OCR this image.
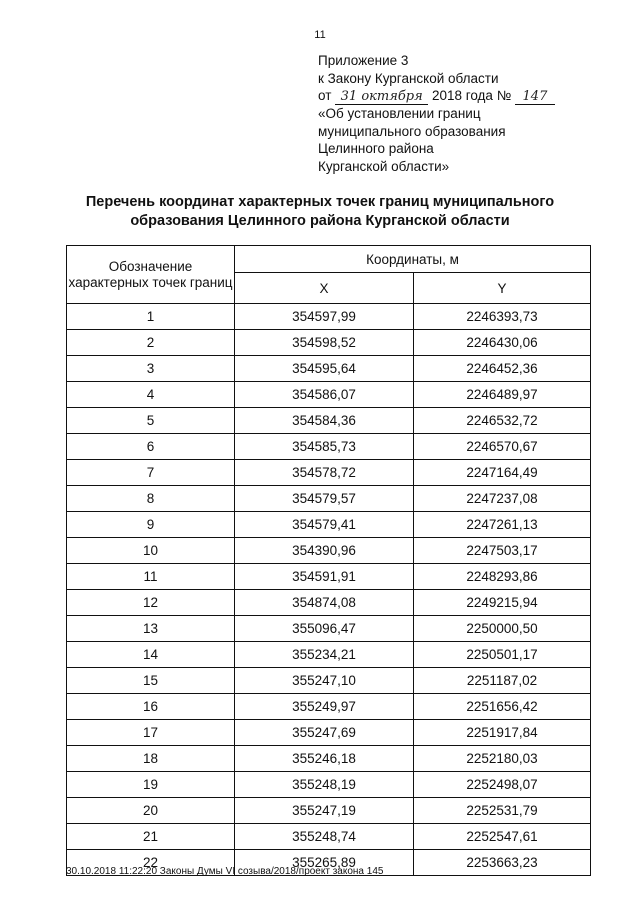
11
Приложение 3
к Закону Курганской области
от 31 октября 2018 года № 147
«Об установлении границ
муниципального образования
Целинного района
Курганской области»
Перечень координат характерных точек границ муниципального
образования Целинного района Курганской области
Обозначение характерных точек границ	Координаты, м	
	X	Y
1	354597,99	2246393,73
2	354598,52	2246430,06
3	354595,64	2246452,36
4	354586,07	2246489,97
5	354584,36	2246532,72
6	354585,73	2246570,67
7	354578,72	2247164,49
8	354579,57	2247237,08
9	354579,41	2247261,13
10	354390,96	2247503,17
11	354591,91	2248293,86
12	354874,08	2249215,94
13	355096,47	2250000,50
14	355234,21	2250501,17
15	355247,10	2251187,02
16	355249,97	2251656,42
17	355247,69	2251917,84
18	355246,18	2252180,03
19	355248,19	2252498,07
20	355247,19	2252531,79
21	355248,74	2252547,61
22	355265,89	2253663,23
30.10.2018 11:22:20 Законы Думы VI созыва/2018/проект закона 145
